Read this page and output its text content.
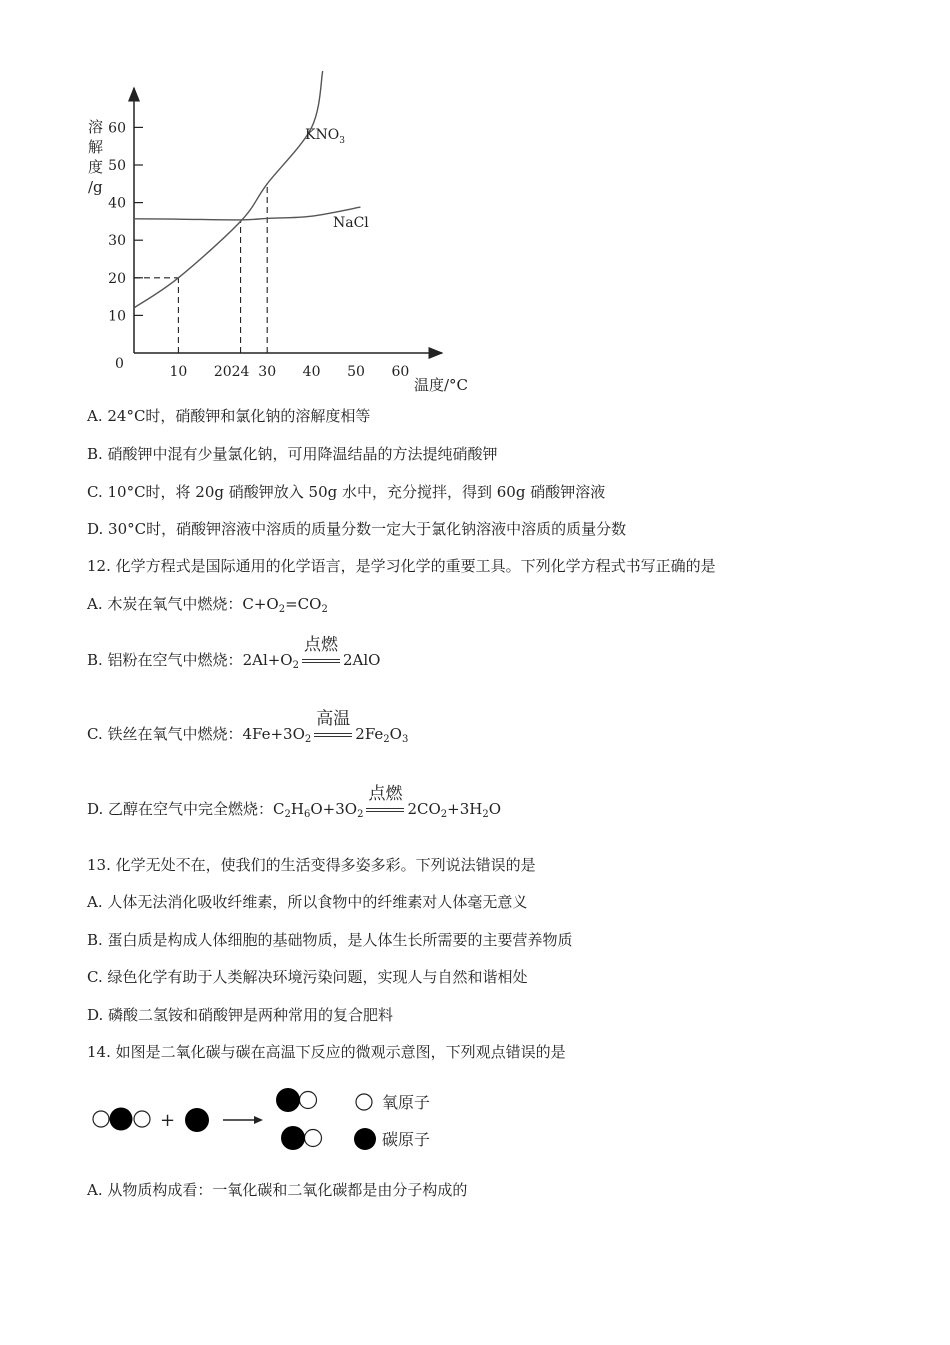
溶
解
度
/g
60
50
40
30
20
10
10 20 24 30 40 50 60
0
$KNO_3$
NaCl
温度/°C
A. 24°C时，硝酸钾和氯化钠的溶解度相等
B. 硝酸钾中混有少量氯化钠，可用降温结晶的方法提纯硝酸钾
C. 10°C时，将 20g 硝酸钾放入 50g 水中，充分搅拌，得到 60g 硝酸钾溶液
D. 30°C时，硝酸钾溶液中溶质的质量分数一定大于氯化钠溶液中溶质的质量分数
12. 化学方程式是国际通用的化学语言，是学习化学的重要工具。下列化学方程式书写正确的是
A. 木炭在氧气中燃烧：$C+O_2=CO_2$
B. 铝粉在空气中燃烧：$2Al+O_2$
点燃
2AlO
C. 铁丝在氧气中燃烧：$4Fe+3O_2$
高温
$2Fe_2O_3$
D. 乙醇在空气中完全燃烧：$C_2H_6O+3O_2$
点燃
$2CO_2+3H_2O$
13. 化学无处不在，使我们的生活变得多姿多彩。下列说法错误的是
A. 人体无法消化吸收纤维素，所以食物中的纤维素对人体毫无意义
B. 蛋白质是构成人体细胞的基础物质，是人体生长所需要的主要营养物质
C. 绿色化学有助于人类解决环境污染问题，实现人与自然和谐相处
D. 磷酸二氢铵和硝酸钾是两种常用的复合肥料
14. 如图是二氧化碳与碳在高温下反应的微观示意图，下列观点错误的是
+
氧原子
碳原子
A. 从物质构成看：一氧化碳和二氧化碳都是由分子构成的
